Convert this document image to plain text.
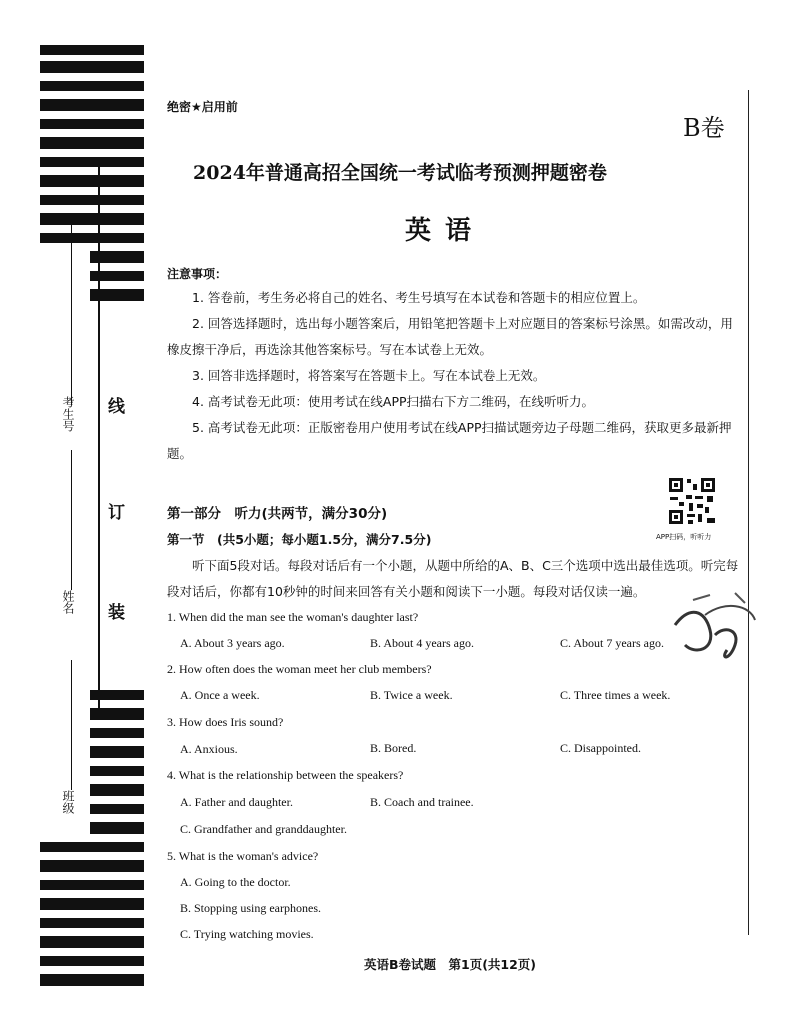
考生号
姓名
班级
线
订
装
绝密★启用前
B卷
2024年普通高招全国统一考试临考预测押题密卷
英语
注意事项：
1. 答卷前，考生务必将自己的姓名、考生号填写在本试卷和答题卡的相应位置上。
2. 回答选择题时，选出每小题答案后，用铅笔把答题卡上对应题目的答案标号涂黑。如需改动，用橡皮擦干净后，再选涂其他答案标号。写在本试卷上无效。
3. 回答非选择题时，将答案写在答题卡上。写在本试卷上无效。
4. 高考试卷无此项：使用考试在线APP扫描右下方二维码，在线听听力。
5. 高考试卷无此项：正版密卷用户使用考试在线APP扫描试题旁边子母题二维码，获取更多最新押题。
APP扫码，听听力
第一部分　听力(共两节，满分30分)
第一节　(共5小题；每小题1.5分，满分7.5分)
听下面5段对话。每段对话后有一个小题，从题中所给的A、B、C三个选项中选出最佳选项。听完每段对话后，你都有10秒钟的时间来回答有关小题和阅读下一小题。每段对话仅读一遍。
1. When did the man see the woman's daughter last?
A. About 3 years ago.	B. About 4 years ago.	C. About 7 years ago.
2. How often does the woman meet her club members?
A. Once a week.	B. Twice a week.	C. Three times a week.
3. How does Iris sound?
A. Anxious.	B. Bored.	C. Disappointed.
4. What is the relationship between the speakers?
A. Father and daughter.	B. Coach and trainee.
C. Grandfather and granddaughter.
5. What is the woman's advice?
A. Going to the doctor.
B. Stopping using earphones.
C. Trying watching movies.
英语B卷试题　第1页(共12页)
